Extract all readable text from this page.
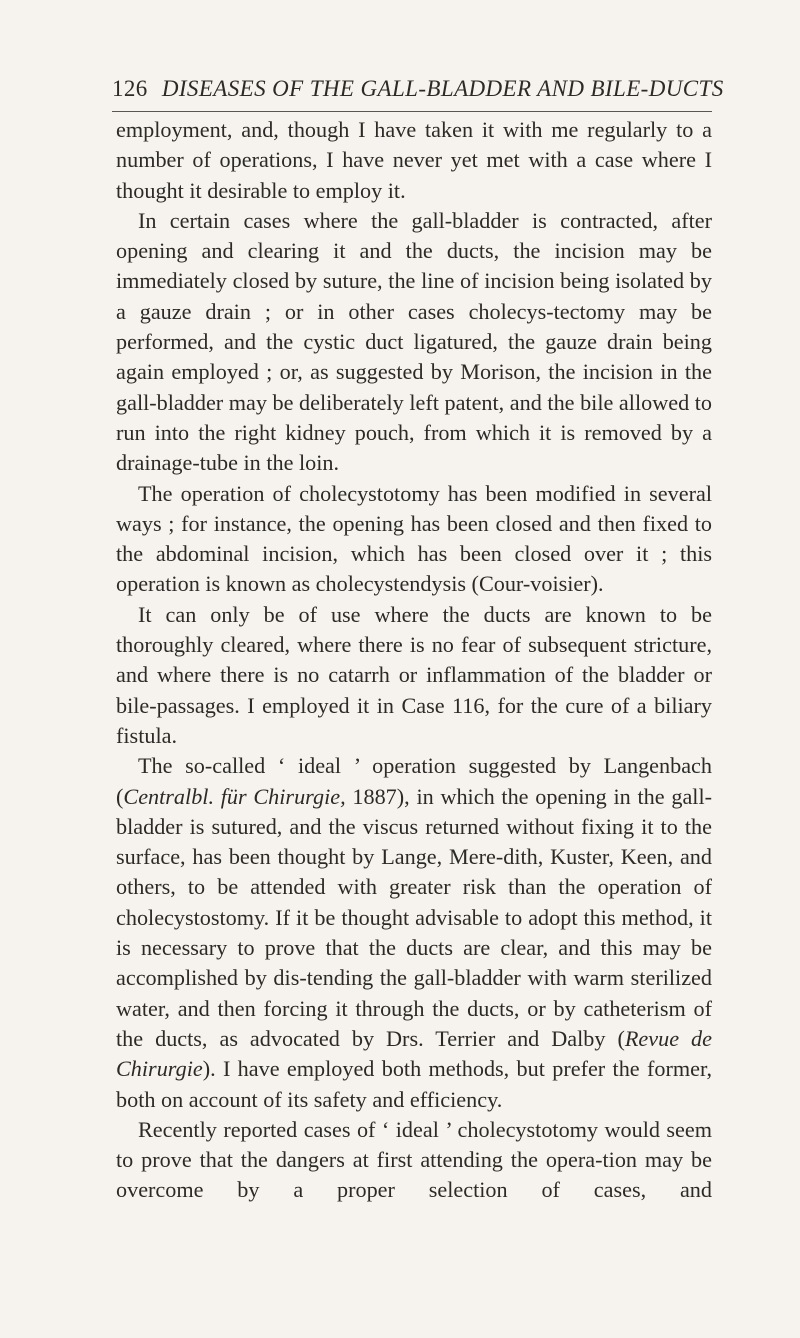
126 DISEASES OF THE GALL-BLADDER AND BILE-DUCTS

employment, and, though I have taken it with me regularly to a number of operations, I have never yet met with a case where I thought it desirable to employ it.

In certain cases where the gall-bladder is contracted, after opening and clearing it and the ducts, the incision may be immediately closed by suture, the line of incision being isolated by a gauze drain ; or in other cases cholecys-tectomy may be performed, and the cystic duct ligatured, the gauze drain being again employed ; or, as suggested by Morison, the incision in the gall-bladder may be deliberately left patent, and the bile allowed to run into the right kidney pouch, from which it is removed by a drainage-tube in the loin.

The operation of cholecystotomy has been modified in several ways ; for instance, the opening has been closed and then fixed to the abdominal incision, which has been closed over it ; this operation is known as cholecystendysis (Cour-voisier).

It can only be of use where the ducts are known to be thoroughly cleared, where there is no fear of subsequent stricture, and where there is no catarrh or inflammation of the bladder or bile-passages. I employed it in Case 116, for the cure of a biliary fistula.

The so-called ‘ ideal ’ operation suggested by Langenbach (Centralbl. für Chirurgie, 1887), in which the opening in the gall-bladder is sutured, and the viscus returned without fixing it to the surface, has been thought by Lange, Mere-dith, Kuster, Keen, and others, to be attended with greater risk than the operation of cholecystostomy. If it be thought advisable to adopt this method, it is necessary to prove that the ducts are clear, and this may be accomplished by dis-tending the gall-bladder with warm sterilized water, and then forcing it through the ducts, or by catheterism of the ducts, as advocated by Drs. Terrier and Dalby (Revue de Chirurgie). I have employed both methods, but prefer the former, both on account of its safety and efficiency.

Recently reported cases of ‘ ideal ’ cholecystotomy would seem to prove that the dangers at first attending the opera-tion may be overcome by a proper selection of cases, and
